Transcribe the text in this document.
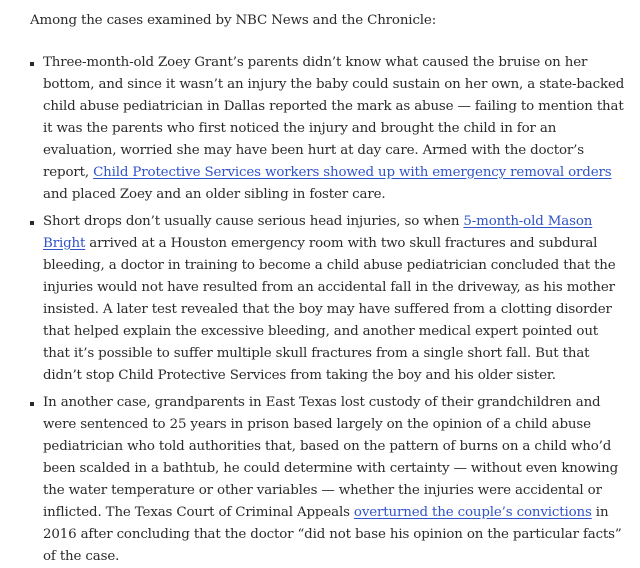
Among the cases examined by NBC News and the Chronicle:

Three-month-old Zoey Grant’s parents didn’t know what caused the bruise on her bottom, and since it wasn’t an injury the baby could sustain on her own, a state-backed child abuse pediatrician in Dallas reported the mark as abuse — failing to mention that it was the parents who first noticed the injury and brought the child in for an evaluation, worried she may have been hurt at day care. Armed with the doctor’s report, Child Protective Services workers showed up with emergency removal orders and placed Zoey and an older sibling in foster care.
Short drops don’t usually cause serious head injuries, so when 5-month-old Mason Bright arrived at a Houston emergency room with two skull fractures and subdural bleeding, a doctor in training to become a child abuse pediatrician concluded that the injuries would not have resulted from an accidental fall in the driveway, as his mother insisted. A later test revealed that the boy may have suffered from a clotting disorder that helped explain the excessive bleeding, and another medical expert pointed out that it’s possible to suffer multiple skull fractures from a single short fall. But that didn’t stop Child Protective Services from taking the boy and his older sister.
In another case, grandparents in East Texas lost custody of their grandchildren and were sentenced to 25 years in prison based largely on the opinion of a child abuse pediatrician who told authorities that, based on the pattern of burns on a child who’d been scalded in a bathtub, he could determine with certainty — without even knowing the water temperature or other variables — whether the injuries were accidental or inflicted. The Texas Court of Criminal Appeals overturned the couple’s convictions in 2016 after concluding that the doctor “did not base his opinion on the particular facts” of the case.
